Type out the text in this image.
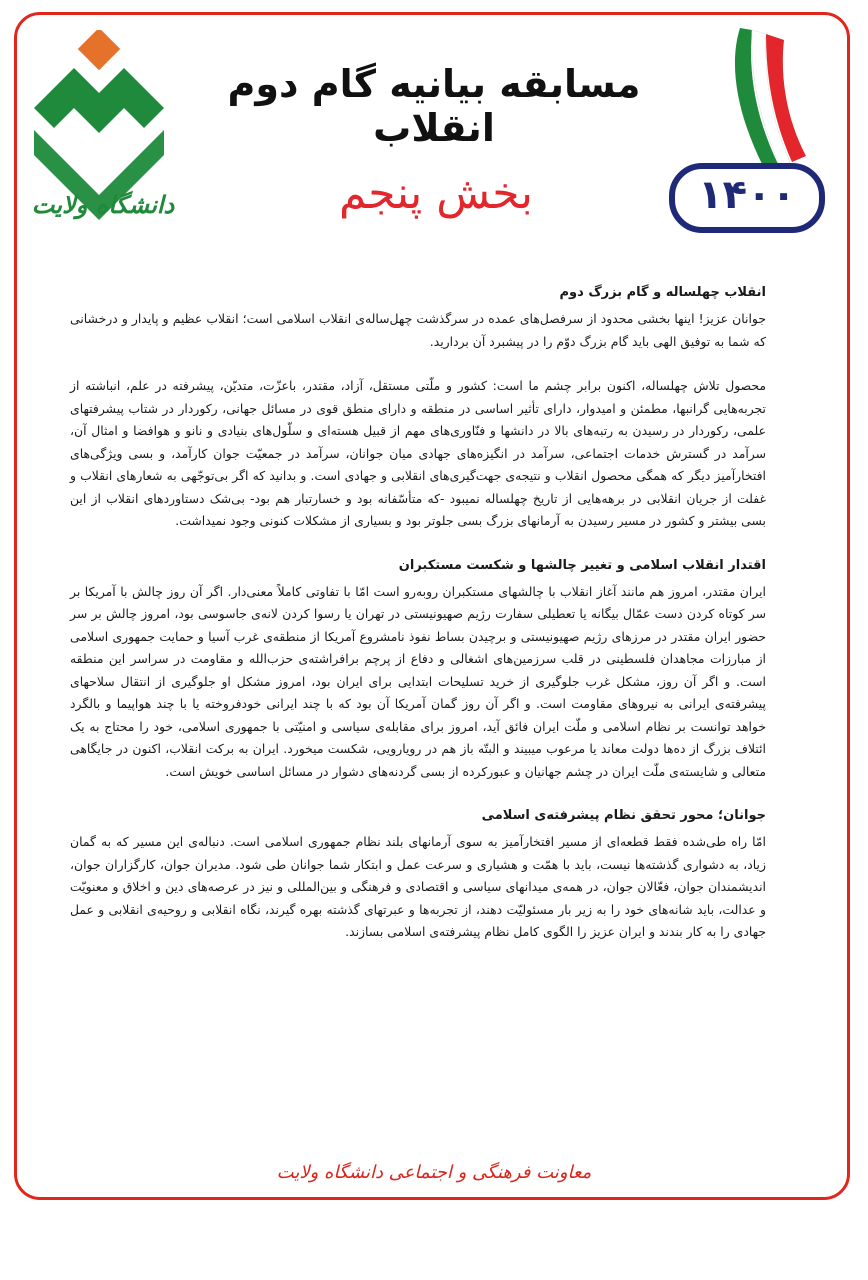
دانشگاه ولایت	۱۴۰۰
مسابقه بیانیه گام دوم انقلاب
بخش پنجم
انقلاب چهلساله و گام بزرگ دوم

جوانان عزیز! اینها بخشی محدود از سرفصل‌های عمده در سرگذشت چهل‌ساله‌ی انقلاب اسلامی است؛ انقلاب عظیم و پایدار و درخشانی که شما به توفیق الهی باید گام بزرگ دوّم را در پیشبرد آن بردارید.

محصول تلاش چهلساله، اکنون برابر چشم ما است: کشور و ملّتی مستقل، آزاد، مقتدر، باعزّت، متدیّن، پیشرفته در علم، انباشته از تجربه‌هایی گرانبها، مطمئن و امیدوار، دارای تأثیر اساسی در منطقه و دارای منطق قوی در مسائل جهانی، رکوردار در شتاب پیشرفتهای علمی، رکوردار در رسیدن به رتبه‌های بالا در دانشها و فنّاوری‌های مهم از قبیل هسته‌ای و سلّول‌های بنیادی و نانو و هوافضا و امثال آن، سرآمد در گسترش خدمات اجتماعی، سرآمد در انگیزه‌های جهادی میان جوانان، سرآمد در جمعیّت جوان کارآمد، و بسی ویژگی‌های افتخارآمیز دیگر که همگی محصول انقلاب و نتیجه‌ی جهت‌گیری‌های انقلابی و جهادی است. و بدانید که اگر بی‌توجّهی به شعارهای انقلاب و غفلت از جریان انقلابی در برهه‌هایی از تاریخ چهلساله نمیبود -که متأسّفانه بود و خسارتبار هم بود- بی‌شک دستاوردهای انقلاب از این بسی بیشتر و کشور در مسیر رسیدن به آرمانهای بزرگ بسی جلوتر بود و بسیاری از مشکلات کنونی وجود نمیداشت.

اقتدار انقلاب اسلامی و تغییر چالشها و شکست مستکبران

ایران مقتدر، امروز هم مانند آغاز انقلاب با چالشهای مستکبران روبه‌رو است امّا با تفاوتی کاملاً معنی‌دار. اگر آن روز چالش با آمریکا بر سر کوتاه کردن دست عمّال بیگانه یا تعطیلی سفارت رژیم صهیونیستی در تهران یا رسوا کردن لانه‌ی جاسوسی بود، امروز چالش بر سر حضور ایران مقتدر در مرزهای رژیم صهیونیستی و برچیدن بساط نفوذ نامشروع آمریکا از منطقه‌ی غرب آسیا و حمایت جمهوری اسلامی از مبارزات مجاهدان فلسطینی در قلب سرزمین‌های اشغالی و دفاع از پرچم برافراشته‌ی حزب‌الله و مقاومت در سراسر این منطقه است. و اگر آن روز، مشکل غرب جلوگیری از خرید تسلیحات ابتدایی برای ایران بود، امروز مشکل او جلوگیری از انتقال سلاحهای پیشرفته‌ی ایرانی به نیروهای مقاومت است. و اگر آن روز گمان آمریکا آن بود که با چند ایرانی خودفروخته یا با چند هواپیما و بالگرد خواهد توانست بر نظام اسلامی و ملّت ایران فائق آید، امروز برای مقابله‌ی سیاسی و امنیّتی با جمهوری اسلامی، خود را محتاج به یک ائتلاف بزرگ از ده‌ها دولت معاند یا مرعوب میبیند و البتّه باز هم در رویارویی، شکست میخورد. ایران به برکت انقلاب، اکنون در جایگاهی متعالی و شایسته‌ی ملّت ایران در چشم جهانیان و عبورکرده از بسی گردنه‌های دشوار در مسائل اساسی خویش است.

جوانان؛ محور تحقق نظام پیشرفته‌ی اسلامی

امّا راه طی‌شده فقط قطعه‌ای از مسیر افتخارآمیز به سوی آرمانهای بلند نظام جمهوری اسلامی است. دنباله‌ی این مسیر که به گمان زیاد، به دشواری گذشته‌ها نیست، باید با همّت و هشیاری و سرعت عمل و ابتکار شما جوانان طی شود. مدیران جوان، کارگزاران جوان، اندیشمندان جوان، فعّالان جوان، در همه‌ی میدانهای سیاسی و اقتصادی و فرهنگی و بین‌المللی و نیز در عرصه‌های دین و اخلاق و معنویّت و عدالت، باید شانه‌های خود را به زیر بار مسئولیّت دهند، از تجربه‌ها و عبرتهای گذشته بهره گیرند، نگاه انقلابی و روحیه‌ی انقلابی و عمل جهادی را به کار بندند و ایران عزیز را الگوی کامل نظام پیشرفته‌ی اسلامی بسازند.

معاونت فرهنگی و اجتماعی دانشگاه ولایت
